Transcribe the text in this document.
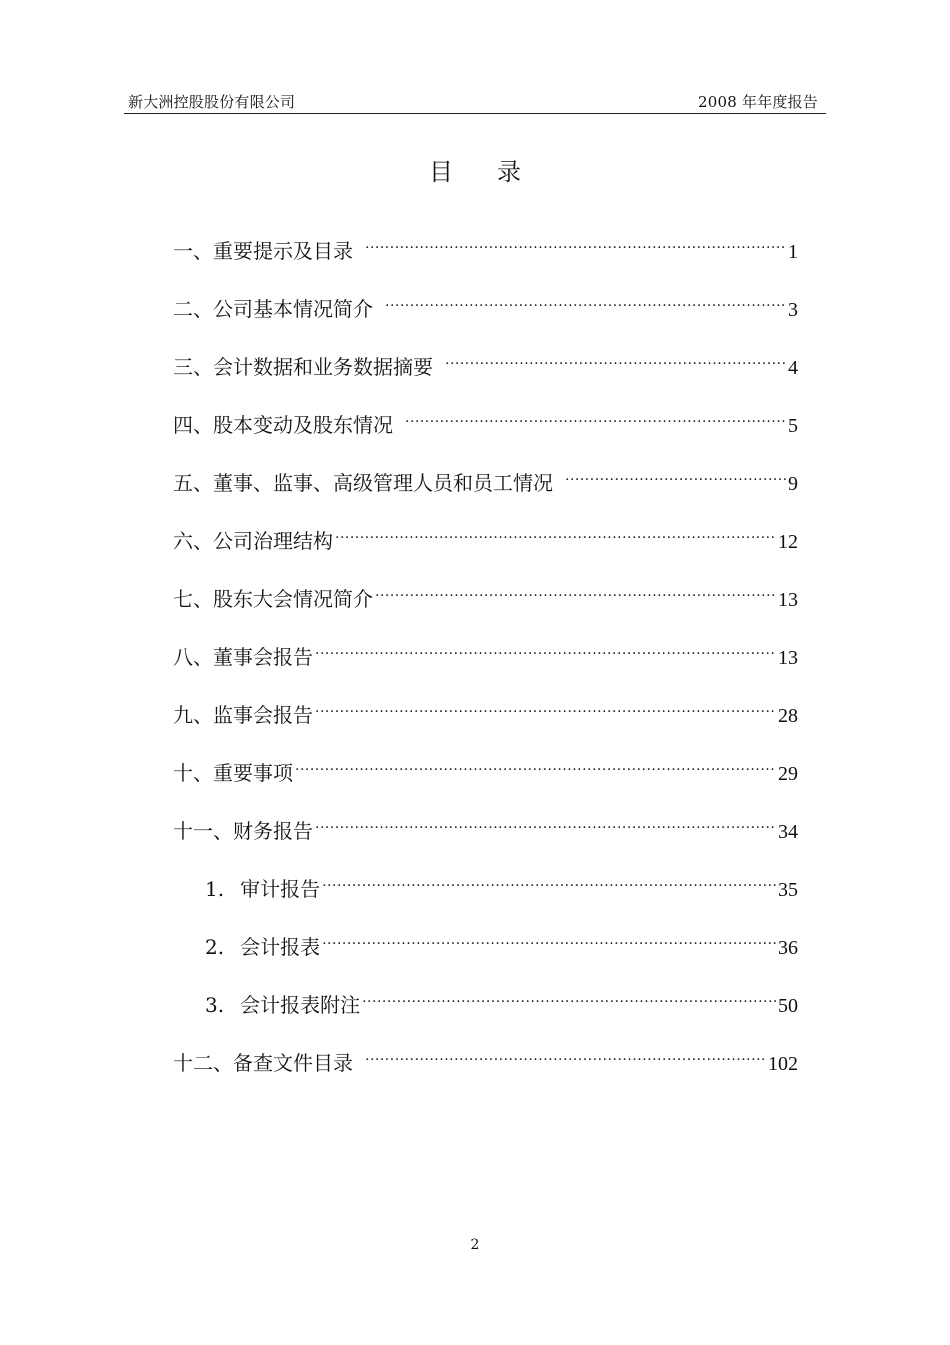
新大洲控股股份有限公司	2008 年年度报告
目 录
一、重要提示及目录 ·····	1
二、公司基本情况简介 ·····	3
三、会计数据和业务数据摘要 ·····	4
四、股本变动及股东情况 ·····	5
五、董事、监事、高级管理人员和员工情况 ·····	9
六、公司治理结构 ·····	12
七、股东大会情况简介 ·····	13
八、董事会报告 ·····	13
九、监事会报告 ·····	28
十、重要事项 ·····	29
十一、财务报告 ·····	34
1. 审计报告 ·····	35
2. 会计报表 ·····	36
3. 会计报表附注 ·····	50
十二、备查文件目录 ·····	102
2
